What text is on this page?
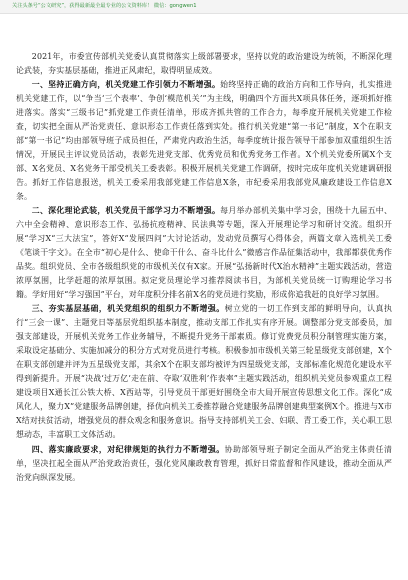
关注头条号“公文研究”，获得最新最全最专业的公文资料库！ 微信：gongwen1

2021年，市委宣传部机关党委认真贯彻落实上级部署要求，坚持以党的政治建设为统领，不断深化理论武装，夯实基层基础，推进正风肃纪，取得明显成效。

一、坚持正确方向，机关党建工作引领力不断增强。始终坚持正确的政治方向和工作导向，扎实推进机关党建工作，以“争当‘三个表率’、争创‘模范机关’”为主线，明确四个方面共X项具体任务，逐项抓好推进落实。落实“三级书记”抓党建工作责任清单，形成齐抓共管的工作合力，每季度开展机关党建工作检查，切实把全面从严治党责任、意识形态工作责任落到实处。推行机关党建“第一书记”制度，X个在职支部“第一书记”均由部领导班子成员担任，严肃党内政治生活，每季度统计报告领导干部参加双重组织生活情况，开展民主评议党员活动，表彰先进党支部、优秀党员和优秀党务工作者。X个机关党委所属X个支部、X名党员、X名党务干部受机关工委表彰。积极开展机关党建工作调研，按时完成年度机关党建调研报告。抓好工作信息报送，机关工委采用我部党建工作信息X条，市纪委采用我部党风廉政建设工作信息X条。

二、深化理论武装，机关党员干部学习力不断增强。每月举办部机关集中学习会，围绕十九届五中、六中全会精神、意识形态工作、弘扬抗疫精神、民法典等专题，深入开展理论学习和研讨交流。组织开展“学习X“三大法宝”，答好X“发展四问”大讨论活动，发动党员撰写心得体会，两篇文章入选机关工委《笔谈干字文》。在全市“初心是什么、使命干什么、奋斗比什么”微感言作品征集活动中，我部都获优秀作品奖。组织党员、全市各级组织党的市级机关仅有X家。开展“弘扬新时代X治水精神”主题实践活动，营造浓厚氛围，比学赶超的浓厚氛围。拟定党员理论学习推荐阅读书目，为部机关党员统一订购理论学习书籍。学好用好“学习强国”平台，对年度积分排名前X名的党员进行奖励，形成你追我赶的良好学习氛围。

三、夯实基层基础，机关党组织的组织力不断增强。树立党的一切工作到支部的鲜明导向，认真执行“三会一课”、主题党日等基层党组织基本制度，推动支部工作扎实有序开展。调整部分党支部委员，加强支部建设，开展机关党务工作业务辅导，不断提升党务干部素质。修订党费党员积分制管理实施方案，采取设定基础分、实施加减分的积分方式对党员进行考核。积极参加市级机关第三轮星级党支部创建，X个在职支部创建并评为五星级党支部，其余X个在职支部均被评为四星级党支部，支部标准化规范化建设水平得到新提升。开展“决战‘过万亿’走在前、夺取‘双胜利’作表率”主题实践活动，组织机关党员参观重点工程建设项目X通长江公铁大桥、X西站等，引导党员干部更好围绕全市大局开展宣传思想文化工作。深化“成风化人，聚力X”党建服务品牌创建，择优向机关工委推荐融合党建服务品牌创建典型案例X个。推进与X市X结对扶贫活动，增强党员的群众观念和服务意识。指导支持部机关工会、妇联、青工委工作，关心职工思想动态，丰富职工文体活动。

四、落实廉政要求，对纪律规矩的执行力不断增强。协助部领导班子制定全面从严治党主体责任清单，坚决扛起全面从严治党政治责任，强化党风廉政教育管理，抓好日常监督和作风建设，推动全面从严治党向纵深发展。
